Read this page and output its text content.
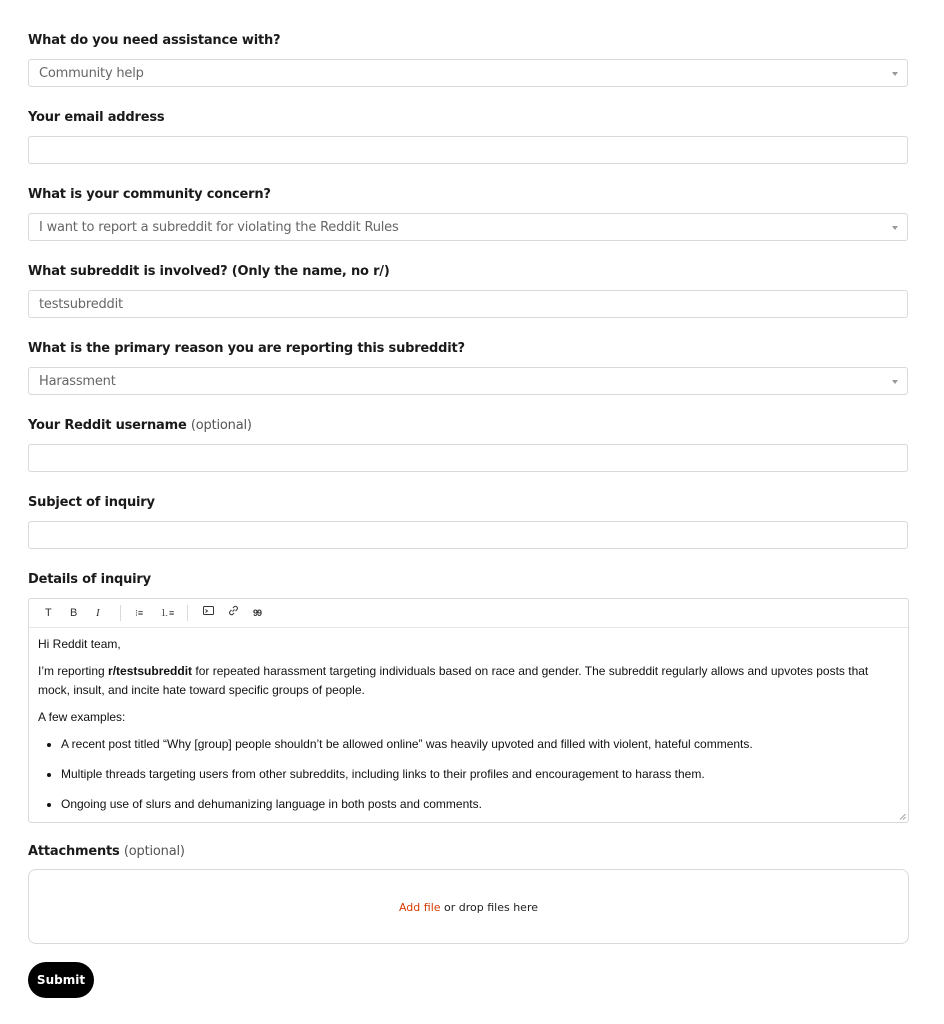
What do you need assistance with?
Community help
Your email address
What is your community concern?
I want to report a subreddit for violating the Reddit Rules
What subreddit is involved? (Only the name, no r/)
testsubreddit
What is the primary reason you are reporting this subreddit?
Harassment
Your Reddit username (optional)
Subject of inquiry
Details of inquiry
T B I	⁝≡ ⒈≡	99

Hi Reddit team,

I’m reporting r/testsubreddit for repeated harassment targeting individuals based on race and gender. The subreddit regularly allows and upvotes posts that mock, insult, and incite hate toward specific groups of people.

A few examples:

• A recent post titled “Why [group] people shouldn’t be allowed online” was heavily upvoted and filled with violent, hateful comments.
• Multiple threads targeting users from other subreddits, including links to their profiles and encouragement to harass them.
• Ongoing use of slurs and dehumanizing language in both posts and comments.
Attachments (optional)
Add file or drop files here
Submit
